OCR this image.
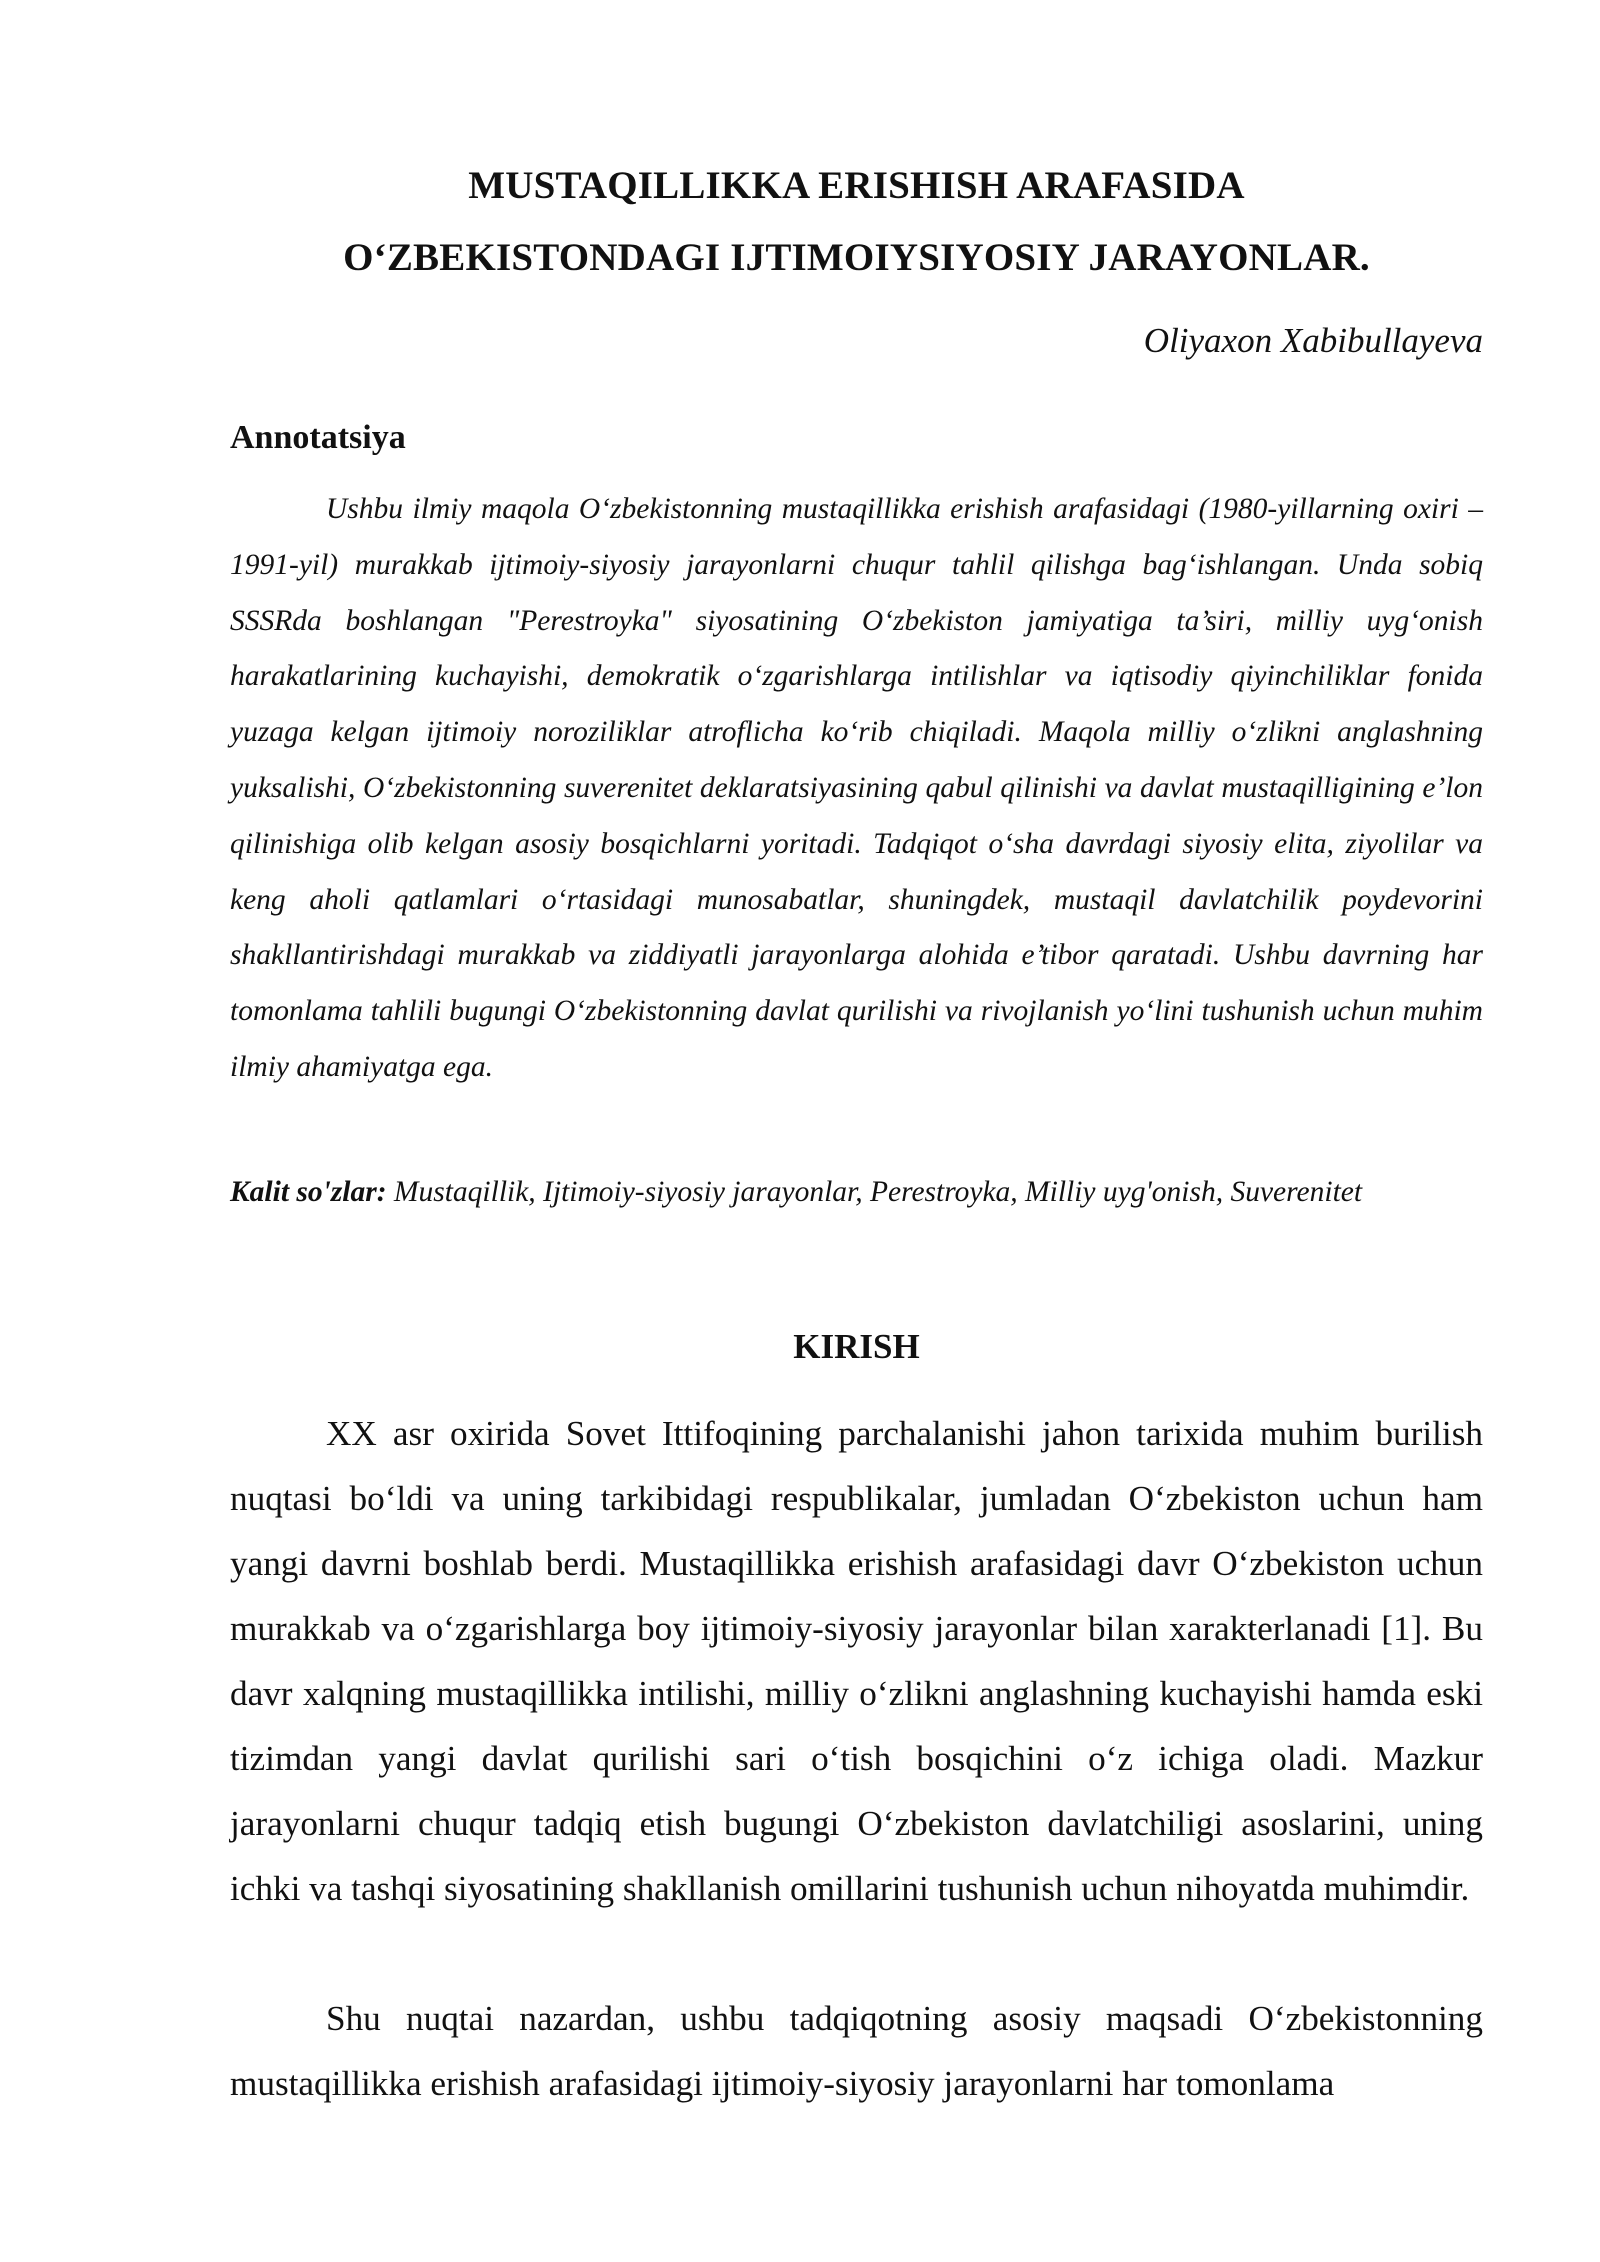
MUSTAQILLIKKA ERISHISH ARAFASIDA
O‘ZBEKISTONDAGI IJTIMOIYSIYOSIY JARAYONLAR.

Oliyaxon Xabibullayeva

Annotatsiya

Ushbu ilmiy maqola O‘zbekistonning mustaqillikka erishish arafasidagi (1980-yillarning oxiri – 1991-yil) murakkab ijtimoiy-siyosiy jarayonlarni chuqur tahlil qilishga bag‘ishlangan. Unda sobiq SSSRda boshlangan "Perestroyka" siyosatining O‘zbekiston jamiyatiga ta’siri, milliy uyg‘onish harakatlarining kuchayishi, demokratik o‘zgarishlarga intilishlar va iqtisodiy qiyinchiliklar fonida yuzaga kelgan ijtimoiy noroziliklar atroflicha ko‘rib chiqiladi. Maqola milliy o‘zlikni anglashning yuksalishi, O‘zbekistonning suverenitet deklaratsiyasining qabul qilinishi va davlat mustaqilligining e’lon qilinishiga olib kelgan asosiy bosqichlarni yoritadi. Tadqiqot o‘sha davrdagi siyosiy elita, ziyolilar va keng aholi qatlamlari o‘rtasidagi munosabatlar, shuningdek, mustaqil davlatchilik poydevorini shakllantirishdagi murakkab va ziddiyatli jarayonlarga alohida e’tibor qaratadi. Ushbu davrning har tomonlama tahlili bugungi O‘zbekistonning davlat qurilishi va rivojlanish yo‘lini tushunish uchun muhim ilmiy ahamiyatga ega.

Kalit so'zlar: Mustaqillik, Ijtimoiy-siyosiy jarayonlar, Perestroyka, Milliy uyg'onish, Suverenitet

KIRISH

XX asr oxirida Sovet Ittifoqining parchalanishi jahon tarixida muhim burilish nuqtasi bo‘ldi va uning tarkibidagi respublikalar, jumladan O‘zbekiston uchun ham yangi davrni boshlab berdi. Mustaqillikka erishish arafasidagi davr O‘zbekiston uchun murakkab va o‘zgarishlarga boy ijtimoiy-siyosiy jarayonlar bilan xarakterlanadi [1]. Bu davr xalqning mustaqillikka intilishi, milliy o‘zlikni anglashning kuchayishi hamda eski tizimdan yangi davlat qurilishi sari o‘tish bosqichini o‘z ichiga oladi. Mazkur jarayonlarni chuqur tadqiq etish bugungi O‘zbekiston davlatchiligi asoslarini, uning ichki va tashqi siyosatining shakllanish omillarini tushunish uchun nihoyatda muhimdir.

Shu nuqtai nazardan, ushbu tadqiqotning asosiy maqsadi O‘zbekistonning mustaqillikka erishish arafasidagi ijtimoiy-siyosiy jarayonlarni har tomonlama
